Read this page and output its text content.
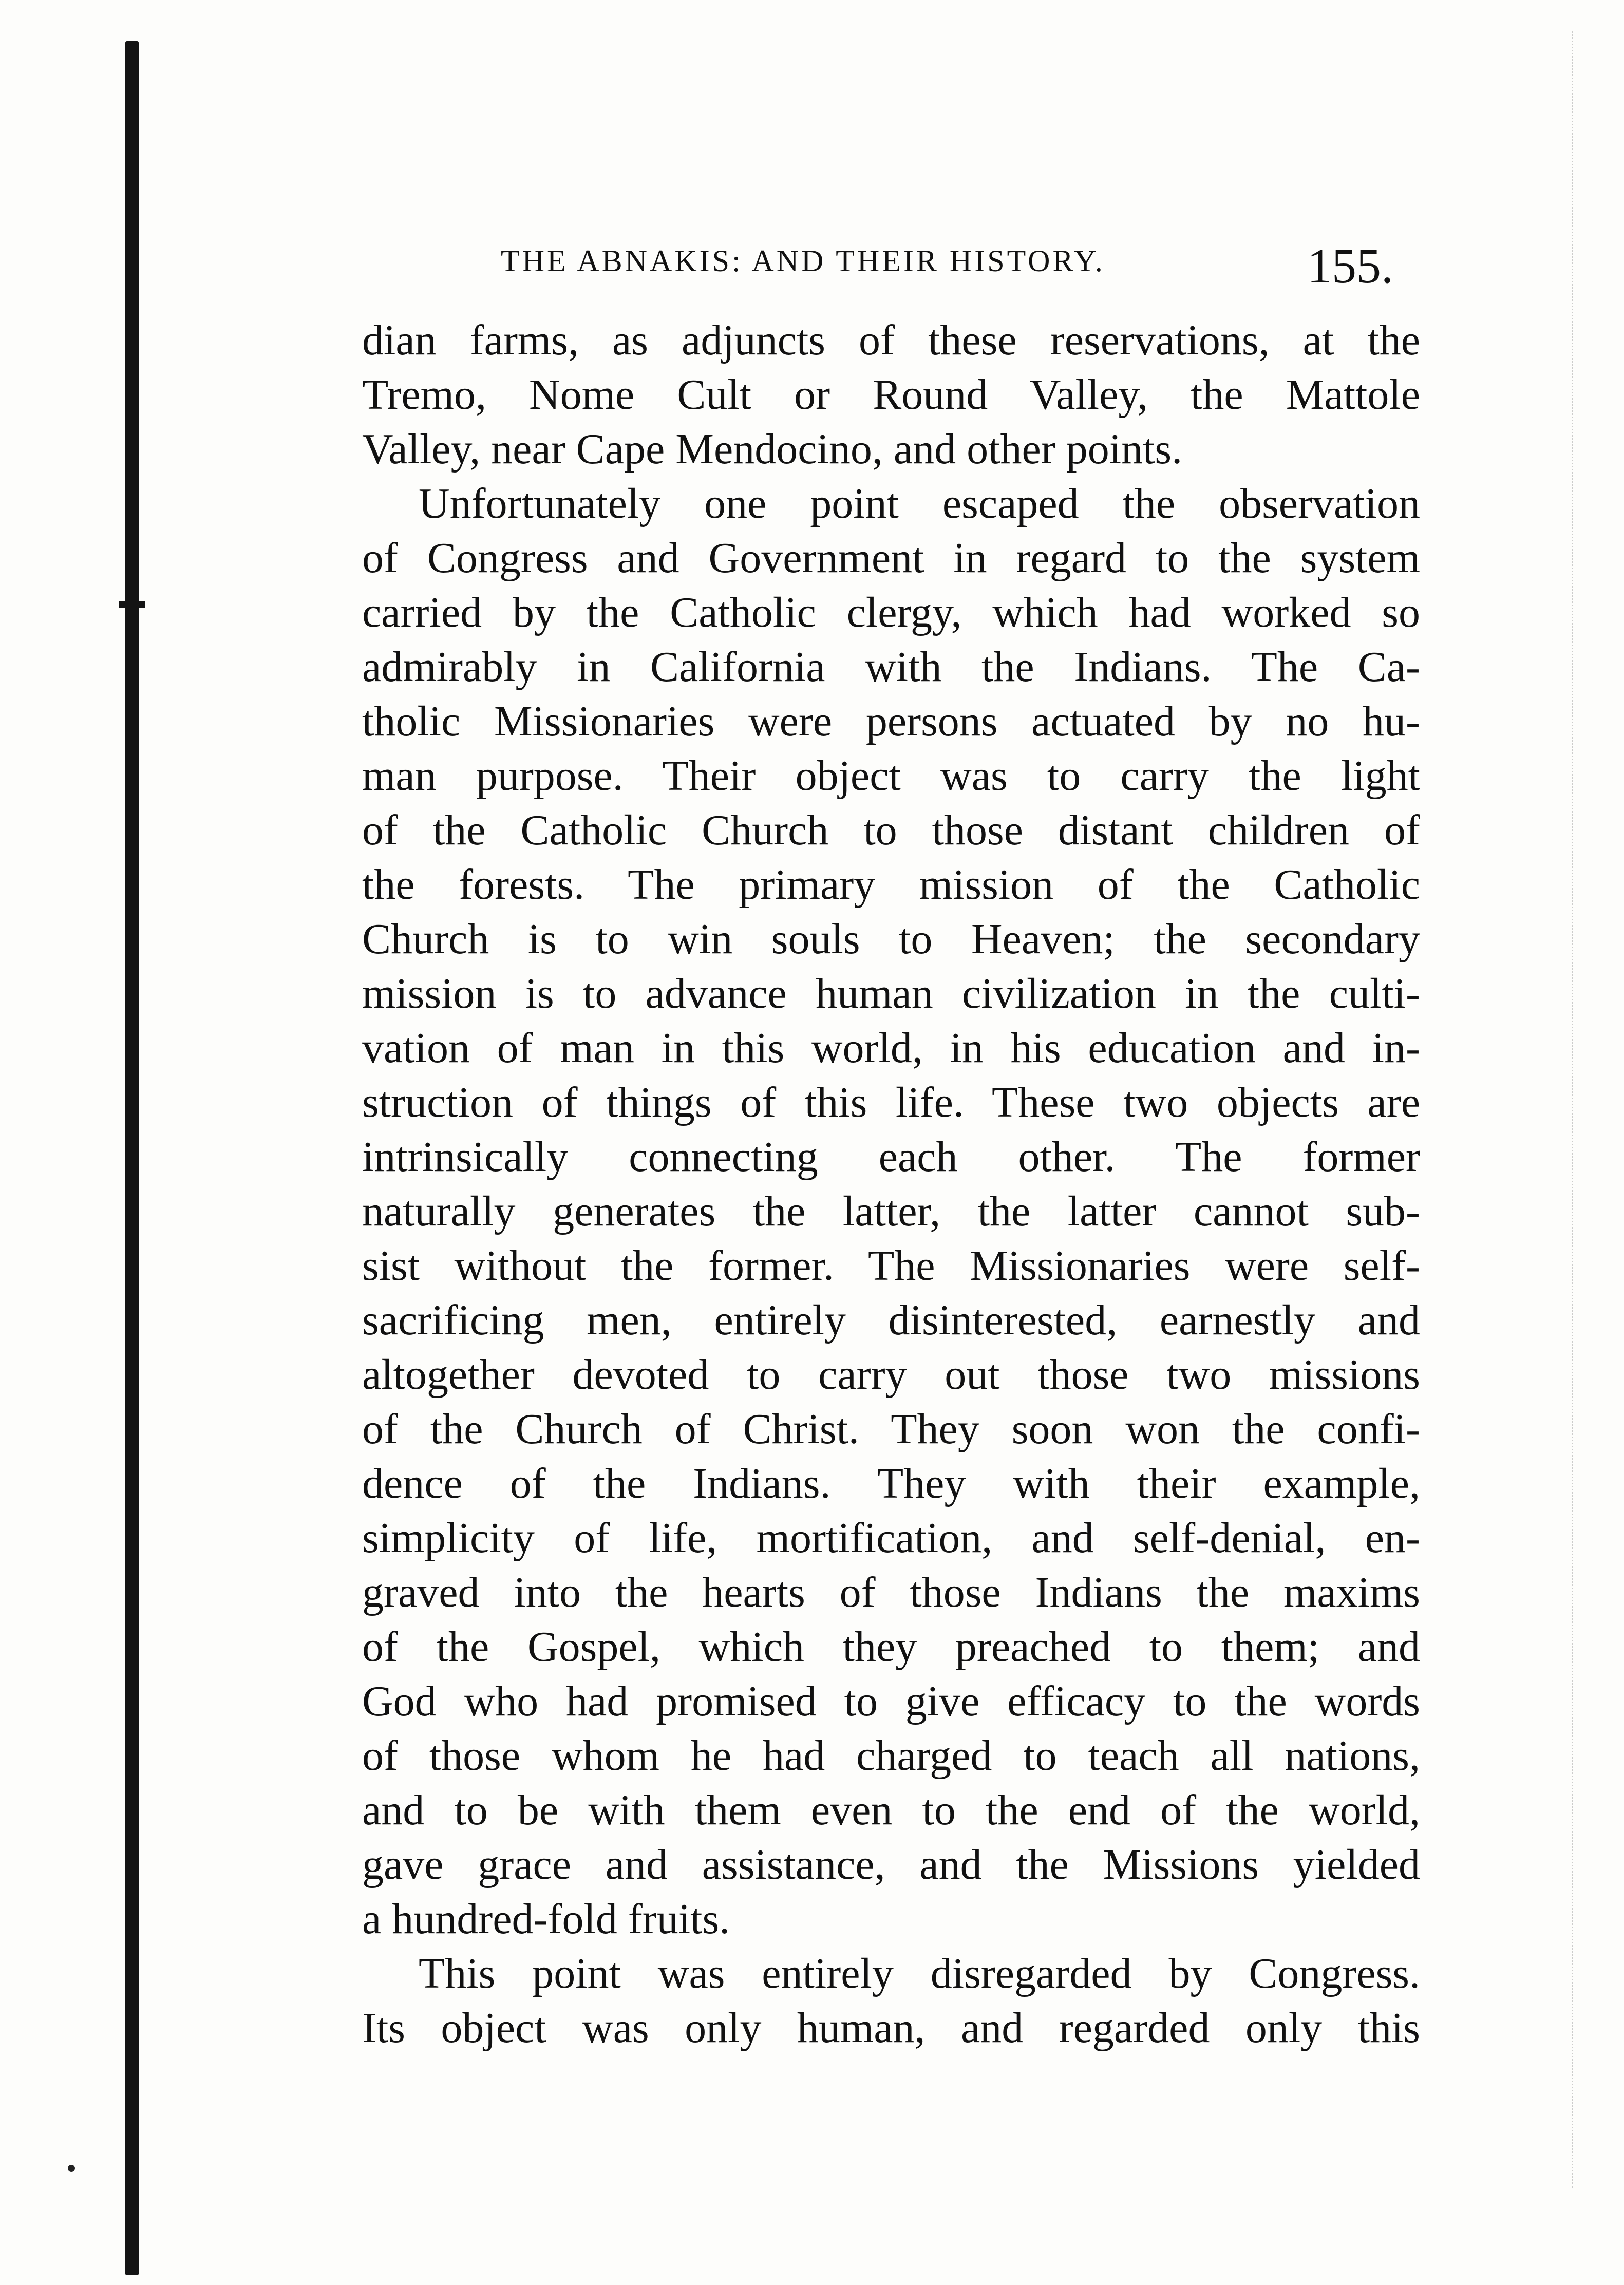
THE ABNAKIS: AND THEIR HISTORY.	155.
dian farms, as adjuncts of these reservations, at the
Tremo, Nome Cult or Round Valley, the Mattole
Valley, near Cape Mendocino, and other points.
Unfortunately one point escaped the observation
of Congress and Government in regard to the system
carried by the Catholic clergy, which had worked so
admirably in California with the Indians. The Ca-
tholic Missionaries were persons actuated by no hu-
man purpose. Their object was to carry the light
of the Catholic Church to those distant children of
the forests. The primary mission of the Catholic
Church is to win souls to Heaven; the secondary
mission is to advance human civilization in the culti-
vation of man in this world, in his education and in-
struction of things of this life. These two objects are
intrinsically connecting each other. The former
naturally generates the latter, the latter cannot sub-
sist without the former. The Missionaries were self-
sacrificing men, entirely disinterested, earnestly and
altogether devoted to carry out those two missions
of the Church of Christ. They soon won the confi-
dence of the Indians. They with their example,
simplicity of life, mortification, and self-denial, en-
graved into the hearts of those Indians the maxims
of the Gospel, which they preached to them; and
God who had promised to give efficacy to the words
of those whom he had charged to teach all nations,
and to be with them even to the end of the world,
gave grace and assistance, and the Missions yielded
a hundred-fold fruits.
This point was entirely disregarded by Congress.
Its object was only human, and regarded only this
